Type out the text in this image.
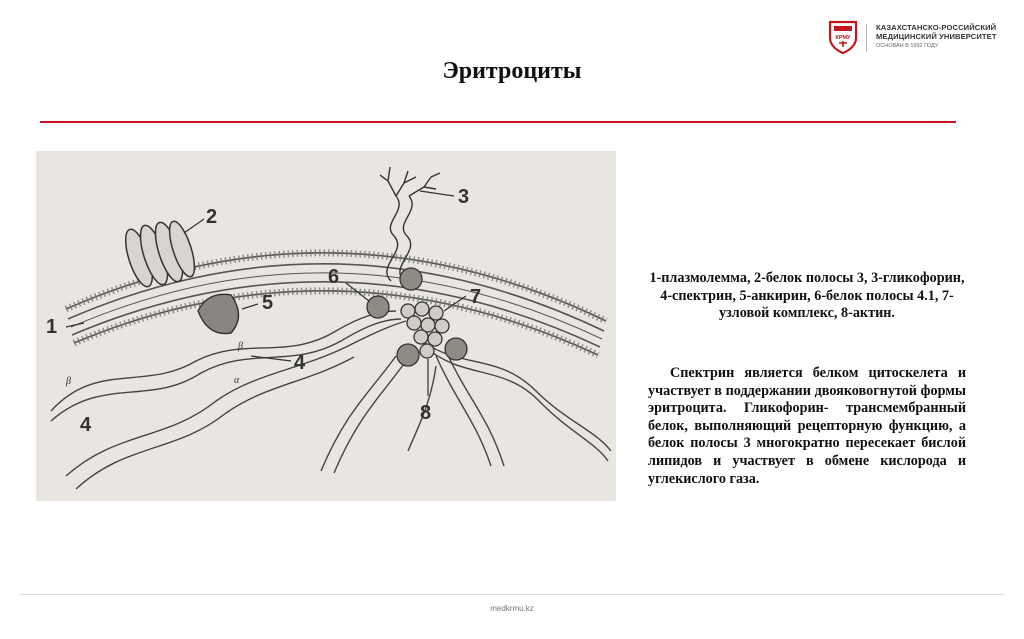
КРМУ
КАЗАХСТАНСКО-РОССИЙСКИЙ
МЕДИЦИНСКИЙ УНИВЕРСИТЕТ
ОСНОВАН В 1992 ГОДУ
Эритроциты
1
2
3
4
4
5
6
7
8
β
β	α
1-плазмолемма, 2-белок полосы 3, 3-гликофорин, 4-спектрин, 5-анкирин, 6-белок полосы 4.1, 7-узловой комплекс, 8-актин.
Спектрин является белком цитоскелета и участвует в поддержании двояковогнутой формы эритроцита. Гликофорин- трансмембранный белок, выполняющий рецепторную функцию, а белок полосы 3 многократно пересекает бислой липидов и участвует в обмене кислорода и углекислого газа.
medkrmu.kz
